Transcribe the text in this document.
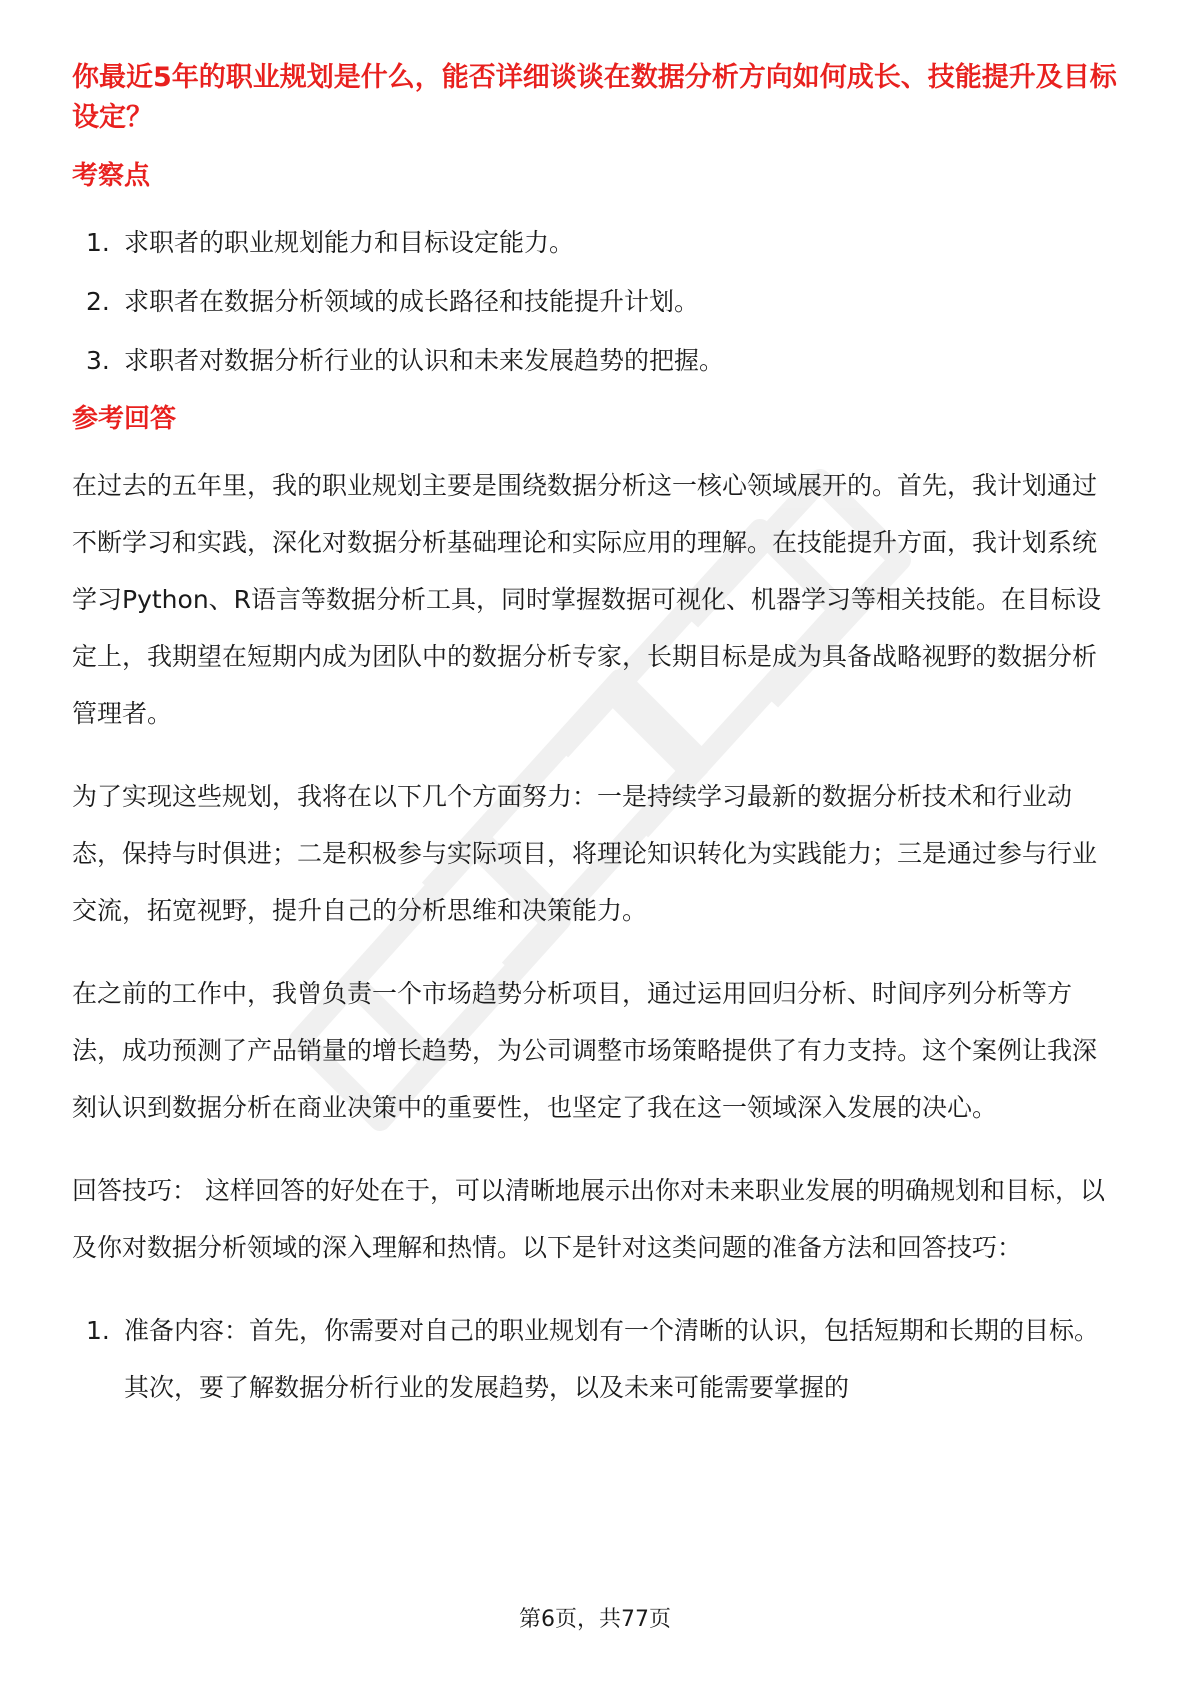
你最近5年的职业规划是什么，能否详细谈谈在数据分析方向如何成长、技能提升及目标设定？
考察点
1. 求职者的职业规划能力和目标设定能力。
2. 求职者在数据分析领域的成长路径和技能提升计划。
3. 求职者对数据分析行业的认识和未来发展趋势的把握。
参考回答

在过去的五年里，我的职业规划主要是围绕数据分析这一核心领域展开的。首先，我计划通过不断学习和实践，深化对数据分析基础理论和实际应用的理解。在技能提升方面，我计划系统学习Python、R语言等数据分析工具，同时掌握数据可视化、机器学习等相关技能。在目标设定上，我期望在短期内成为团队中的数据分析专家，长期目标是成为具备战略视野的数据分析管理者。

为了实现这些规划，我将在以下几个方面努力：一是持续学习最新的数据分析技术和行业动态，保持与时俱进；二是积极参与实际项目，将理论知识转化为实践能力；三是通过参与行业交流，拓宽视野，提升自己的分析思维和决策能力。

在之前的工作中，我曾负责一个市场趋势分析项目，通过运用回归分析、时间序列分析等方法，成功预测了产品销量的增长趋势，为公司调整市场策略提供了有力支持。这个案例让我深刻认识到数据分析在商业决策中的重要性，也坚定了我在这一领域深入发展的决心。

回答技巧： 这样回答的好处在于，可以清晰地展示出你对未来职业发展的明确规划和目标，以及你对数据分析领域的深入理解和热情。以下是针对这类问题的准备方法和回答技巧：

1. 准备内容：首先，你需要对自己的职业规划有一个清晰的认识，包括短期和长期的目标。其次，要了解数据分析行业的发展趋势，以及未来可能需要掌握的
第6页，共77页
